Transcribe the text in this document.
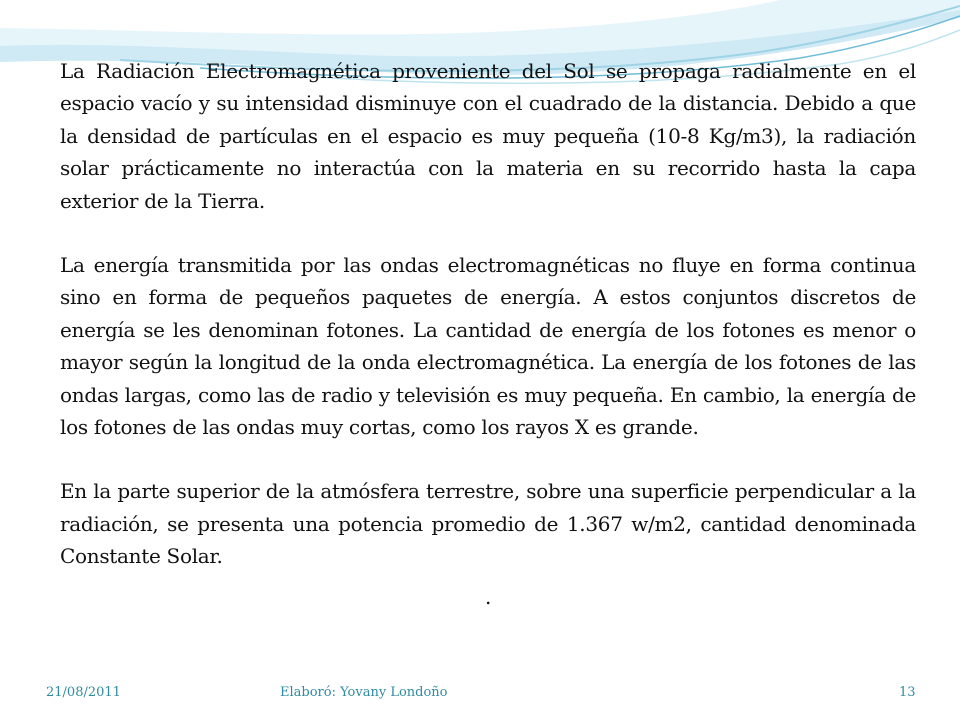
La Radiación Electromagnética proveniente del Sol se propaga radialmente en el espacio vacío y su intensidad disminuye con el cuadrado de la distancia. Debido a que la densidad de partículas en el espacio es muy pequeña (10-8 Kg/m3), la radiación solar prácticamente no interactúa con la materia en su recorrido hasta la capa exterior de la Tierra.

La energía transmitida por las ondas electromagnéticas no fluye en forma continua sino en forma de pequeños paquetes de energía. A estos conjuntos discretos de energía se les denominan fotones. La cantidad de energía de los fotones es menor o mayor según la longitud de la onda electromagnética. La energía de los fotones de las ondas largas, como las de radio y televisión es muy pequeña. En cambio, la energía de los fotones de las ondas muy cortas, como los rayos X es grande.

En la parte superior de la atmósfera terrestre, sobre una superficie perpendicular a la radiación, se presenta una potencia promedio de 1.367 w/m2, cantidad denominada Constante Solar.

.

21/08/2011	Elaboró: Yovany Londoño	13
